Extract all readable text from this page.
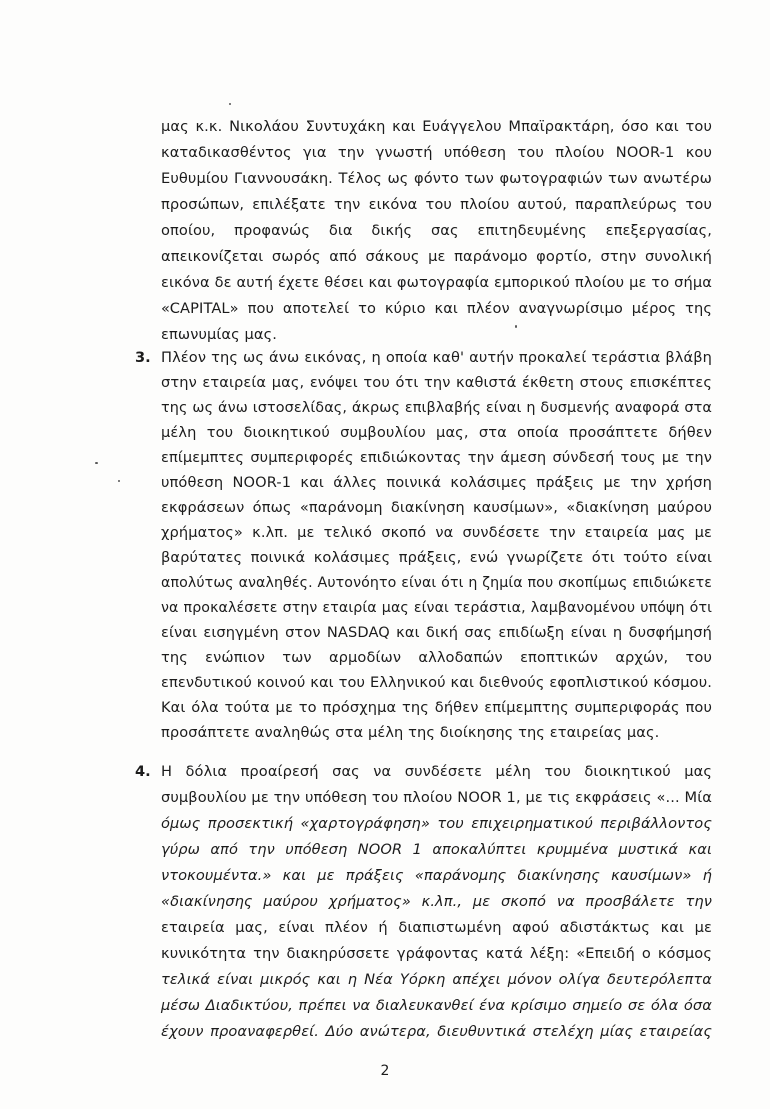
μας κ.κ. Νικολάου Συντυχάκη και Ευάγγελου Μπαϊρακτάρη, όσο και του
καταδικασθέντος για την γνωστή υπόθεση του πλοίου NOOR-1 κου
Ευθυμίου Γιαννουσάκη. Τέλος ως φόντο των φωτογραφιών των ανωτέρω
προσώπων, επιλέξατε την εικόνα του πλοίου αυτού, παραπλεύρως του
οποίου, προφανώς δια δικής σας επιτηδευμένης επεξεργασίας,
απεικονίζεται σωρός από σάκους με παράνομο φορτίο, στην συνολική
εικόνα δε αυτή έχετε θέσει και φωτογραφία εμπορικού πλοίου με το σήμα
«CAPITAL» που αποτελεί το κύριο και πλέον αναγνωρίσιμο μέρος της
επωνυμίας μας.
3. Πλέον της ως άνω εικόνας, η οποία καθ' αυτήν προκαλεί τεράστια βλάβη
στην εταιρεία μας, ενόψει του ότι την καθιστά έκθετη στους επισκέπτες
της ως άνω ιστοσελίδας, άκρως επιβλαβής είναι η δυσμενής αναφορά στα
μέλη του διοικητικού συμβουλίου μας, στα οποία προσάπτετε δήθεν
επίμεμπτες συμπεριφορές επιδιώκοντας την άμεση σύνδεσή τους με την
υπόθεση NOOR-1 και άλλες ποινικά κολάσιμες πράξεις με την χρήση
εκφράσεων όπως «παράνομη διακίνηση καυσίμων», «διακίνηση μαύρου
χρήματος» κ.λπ. με τελικό σκοπό να συνδέσετε την εταιρεία μας με
βαρύτατες ποινικά κολάσιμες πράξεις, ενώ γνωρίζετε ότι τούτο είναι
απολύτως αναληθές. Αυτονόητο είναι ότι η ζημία που σκοπίμως επιδιώκετε
να προκαλέσετε στην εταιρία μας είναι τεράστια, λαμβανομένου υπόψη ότι
είναι εισηγμένη στον NASDAQ και δική σας επιδίωξη είναι η δυσφήμησή
της ενώπιον των αρμοδίων αλλοδαπών εποπτικών αρχών, του
επενδυτικού κοινού και του Ελληνικού και διεθνούς εφοπλιστικού κόσμου.
Και όλα τούτα με το πρόσχημα της δήθεν επίμεμπτης συμπεριφοράς που
προσάπτετε αναληθώς στα μέλη της διοίκησης της εταιρείας μας.
4. Η δόλια προαίρεσή σας να συνδέσετε μέλη του διοικητικού μας
συμβουλίου με την υπόθεση του πλοίου NOOR 1, με τις εκφράσεις «... Μία
όμως προσεκτική «χαρτογράφηση» του επιχειρηματικού περιβάλλοντος
γύρω από την υπόθεση NOOR 1 αποκαλύπτει κρυμμένα μυστικά και
ντοκουμέντα.» και με πράξεις «παράνομης διακίνησης καυσίμων» ή
«διακίνησης μαύρου χρήματος» κ.λπ., με σκοπό να προσβάλετε την
εταιρεία μας, είναι πλέον ή διαπιστωμένη αφού αδιστάκτως και με
κυνικότητα την διακηρύσσετε γράφοντας κατά λέξη: «Επειδή ο κόσμος
τελικά είναι μικρός και η Νέα Υόρκη απέχει μόνον ολίγα δευτερόλεπτα
μέσω Διαδικτύου, πρέπει να διαλευκανθεί ένα κρίσιμο σημείο σε όλα όσα
έχουν προαναφερθεί. Δύο ανώτερα, διευθυντικά στελέχη μίας εταιρείας
2
